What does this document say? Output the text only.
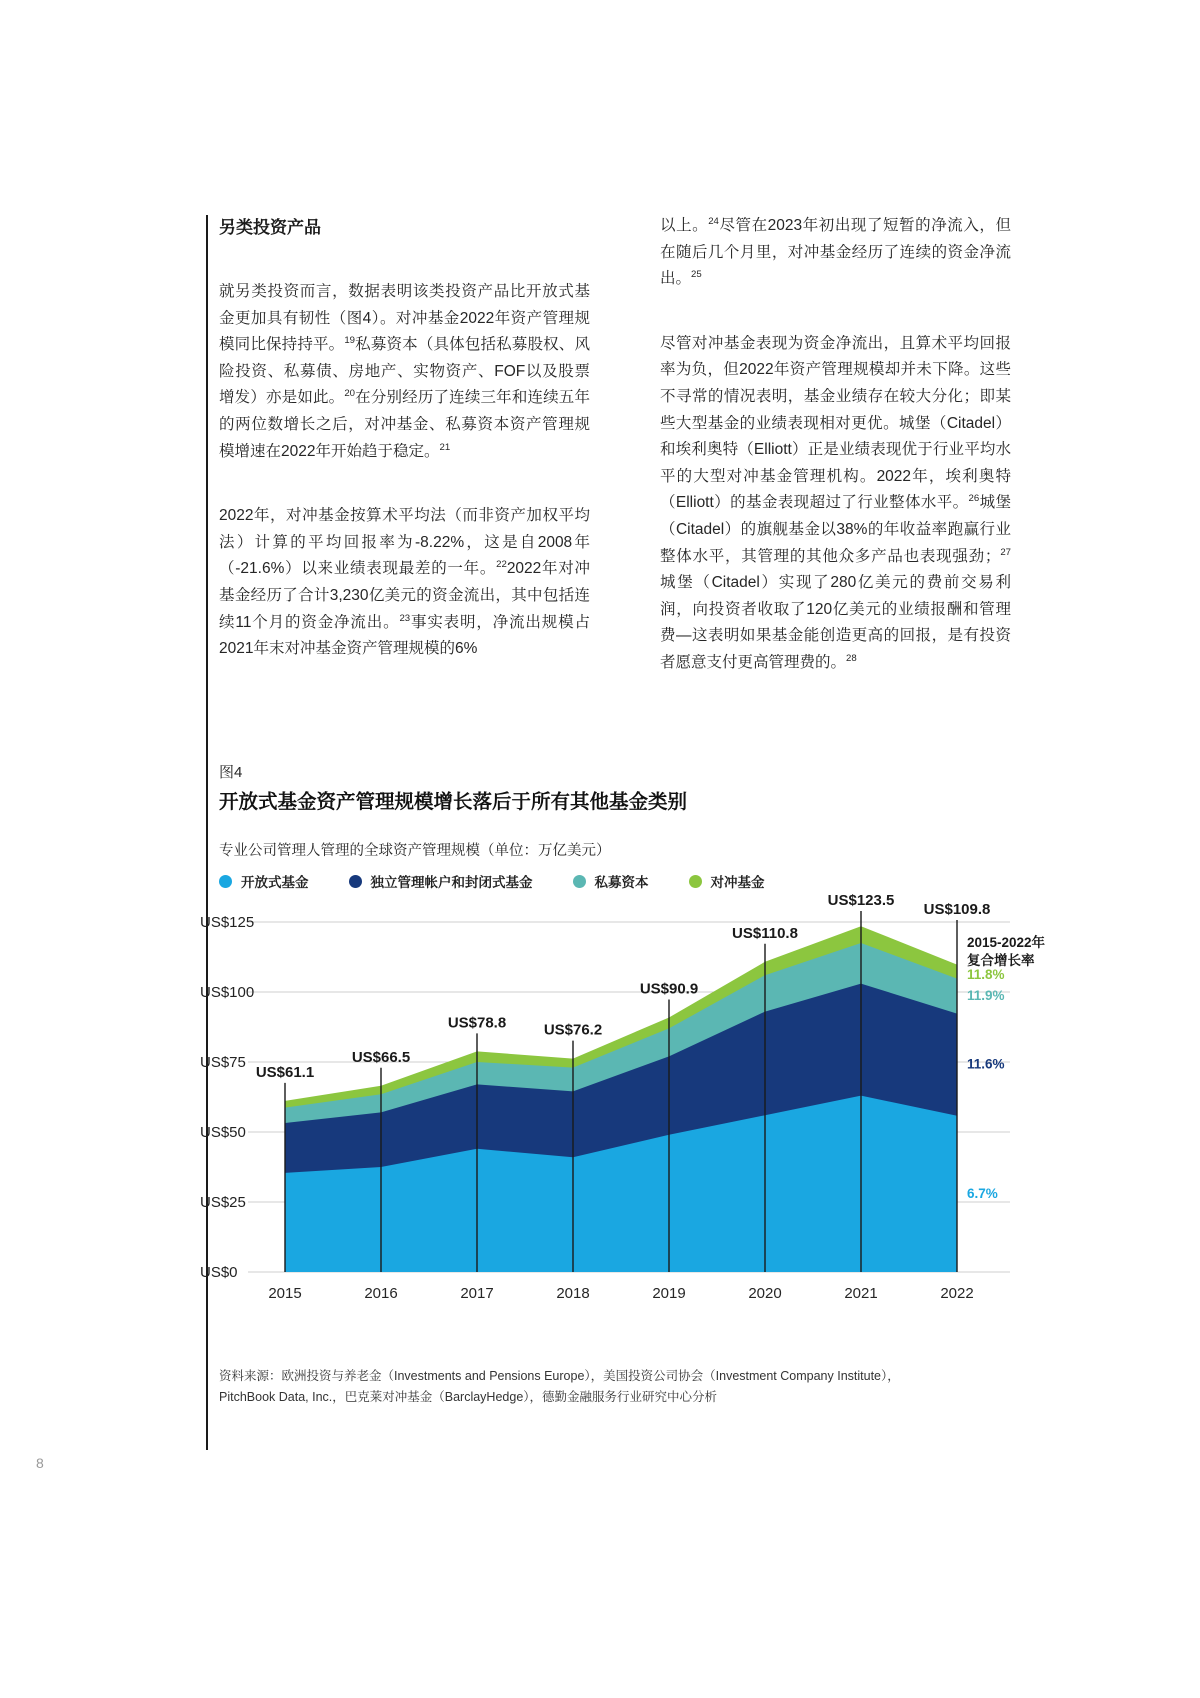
另类投资产品

就另类投资而言，数据表明该类投资产品比开放式基金更加具有韧性（图4）。对冲基金2022年资产管理规模同比保持持平。$^{19}$私募资本（具体包括私募股权、风险投资、私募债、房地产、实物资产、FOF以及股票增发）亦是如此。$^{20}$在分别经历了连续三年和连续五年的两位数增长之后，对冲基金、私募资本资产管理规模增速在2022年开始趋于稳定。$^{21}$

2022年，对冲基金按算术平均法（而非资产加权平均法）计算的平均回报率为-8.22%，这是自2008年（-21.6%）以来业绩表现最差的一年。$^{22}$2022年对冲基金经历了合计3,230亿美元的资金流出，其中包括连续11个月的资金净流出。$^{23}$事实表明，净流出规模占2021年末对冲基金资产管理规模的6%

以上。$^{24}$尽管在2023年初出现了短暂的净流入，但在随后几个月里，对冲基金经历了连续的资金净流出。$^{25}$

尽管对冲基金表现为资金净流出，且算术平均回报率为负，但2022年资产管理规模却并未下降。这些不寻常的情况表明，基金业绩存在较大分化；即某些大型基金的业绩表现相对更优。城堡（Citadel）和埃利奥特（Elliott）正是业绩表现优于行业平均水平的大型对冲基金管理机构。2022年，埃利奥特（Elliott）的基金表现超过了行业整体水平。$^{26}$城堡（Citadel）的旗舰基金以38%的年收益率跑赢行业整体水平，其管理的其他众多产品也表现强劲；$^{27}$城堡（Citadel）实现了280亿美元的费前交易利润，向投资者收取了120亿美元的业绩报酬和管理费—这表明如果基金能创造更高的回报，是有投资者愿意支付更高管理费的。$^{28}$

图4
开放式基金资产管理规模增长落后于所有其他基金类别
专业公司管理人管理的全球资产管理规模（单位：万亿美元）
开放式基金	独立管理帐户和封闭式基金	私募资本	对冲基金
US$0
US$25
US$50
US$75
US$100
US$125
US$61.1
2015
US$66.5
2016
US$78.8
2017
US$76.2
2018
US$90.9
2019
US$110.8
2020
US$123.5
2021
US$109.8
2022
2015-2022年
复合增长率
6.7%
11.6%
11.9%
11.8%
资料来源：欧洲投资与养老金（Investments and Pensions Europe），美国投资公司协会（Investment Company Institute），
PitchBook Data, Inc.，巴克莱对冲基金（BarclayHedge），德勤金融服务行业研究中心分析
8
